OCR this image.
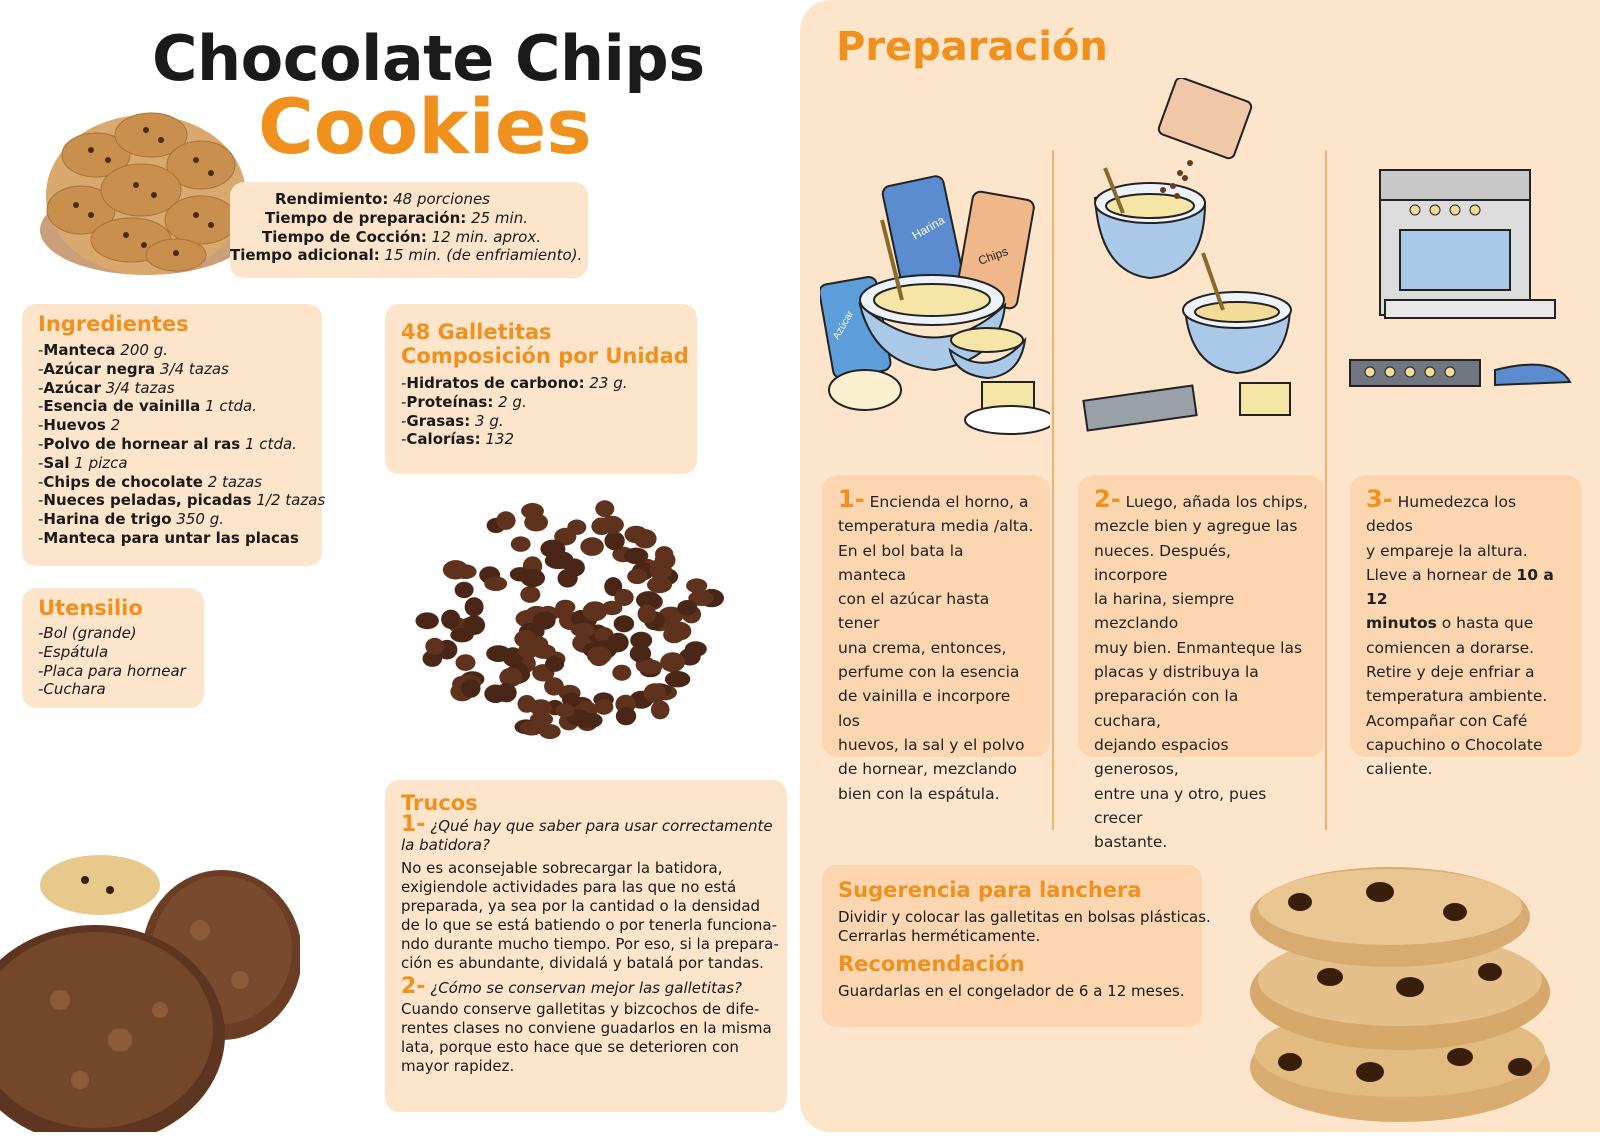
Chocolate Chips
Cookies
Rendimiento: 48 porciones
Tiempo de preparación: 25 min.
Tiempo de Cocción: 12 min. aprox.
Tiempo adicional: 15 min. (de enfriamiento).

Ingredientes

-Manteca 200 g.
-Azúcar negra 3/4 tazas
-Azúcar 3/4 tazas
-Esencia de vainilla 1 ctda.
-Huevos 2
-Polvo de hornear al ras 1 ctda.
-Sal 1 pizca
-Chips de chocolate 2 tazas
-Nueces peladas, picadas 1/2 tazas
-Harina de trigo 350 g.
-Manteca para untar las placas

Utensilio

-Bol (grande)
-Espátula
-Placa para hornear
-Cuchara

48 Galletitas

Composición por Unidad

-Hidratos de carbono: 23 g.
-Proteínas: 2 g.
-Grasas: 3 g.
-Calorías: 132

Trucos

1- ¿Qué hay que saber para usar correctamente

la batidora?

No es aconsejable sobrecargar la batidora,

exigiendole actividades para las que no está

preparada, ya sea por la cantidad o la densidad

de lo que se está batiendo o por tenerla funciona-

ndo durante mucho tiempo. Por eso, si la prepara-

ción es abundante, dividalá y batalá por tandas.

2- ¿Cómo se conservan mejor las galletitas?

Cuando conserve galletitas y bizcochos de dife-

rentes clases no conviene guadarlos en la misma

lata, porque esto hace que se deterioren con

mayor rapidez.

Preparación
Harina
Chips
Azúcar
1- Encienda el horno, a
temperatura media /alta.
En el bol bata la manteca
con el azúcar hasta tener
una crema, entonces,
perfume con la esencia
de vainilla e incorpore los
huevos, la sal y el polvo
de hornear, mezclando
bien con la espátula.
2- Luego, añada los chips,
mezcle bien y agregue las
nueces. Después, incorpore
la harina, siempre mezclando
muy bien. Enmanteque las
placas y distribuya la
preparación con la cuchara,
dejando espacios generosos,
entre una y otro, pues crecer
bastante.
3- Humedezca los dedos
y empareje la altura.
Lleve a hornear de 10 a 12
minutos o hasta que
comiencen a dorarse.
Retire y deje enfriar a
temperatura ambiente.
Acompañar con Café
capuchino o Chocolate
caliente.

Sugerencia para lanchera

Dividir y colocar las galletitas en bolsas plásticas.
Cerrarlas herméticamente.

Recomendación

Guardarlas en el congelador de 6 a 12 meses.
